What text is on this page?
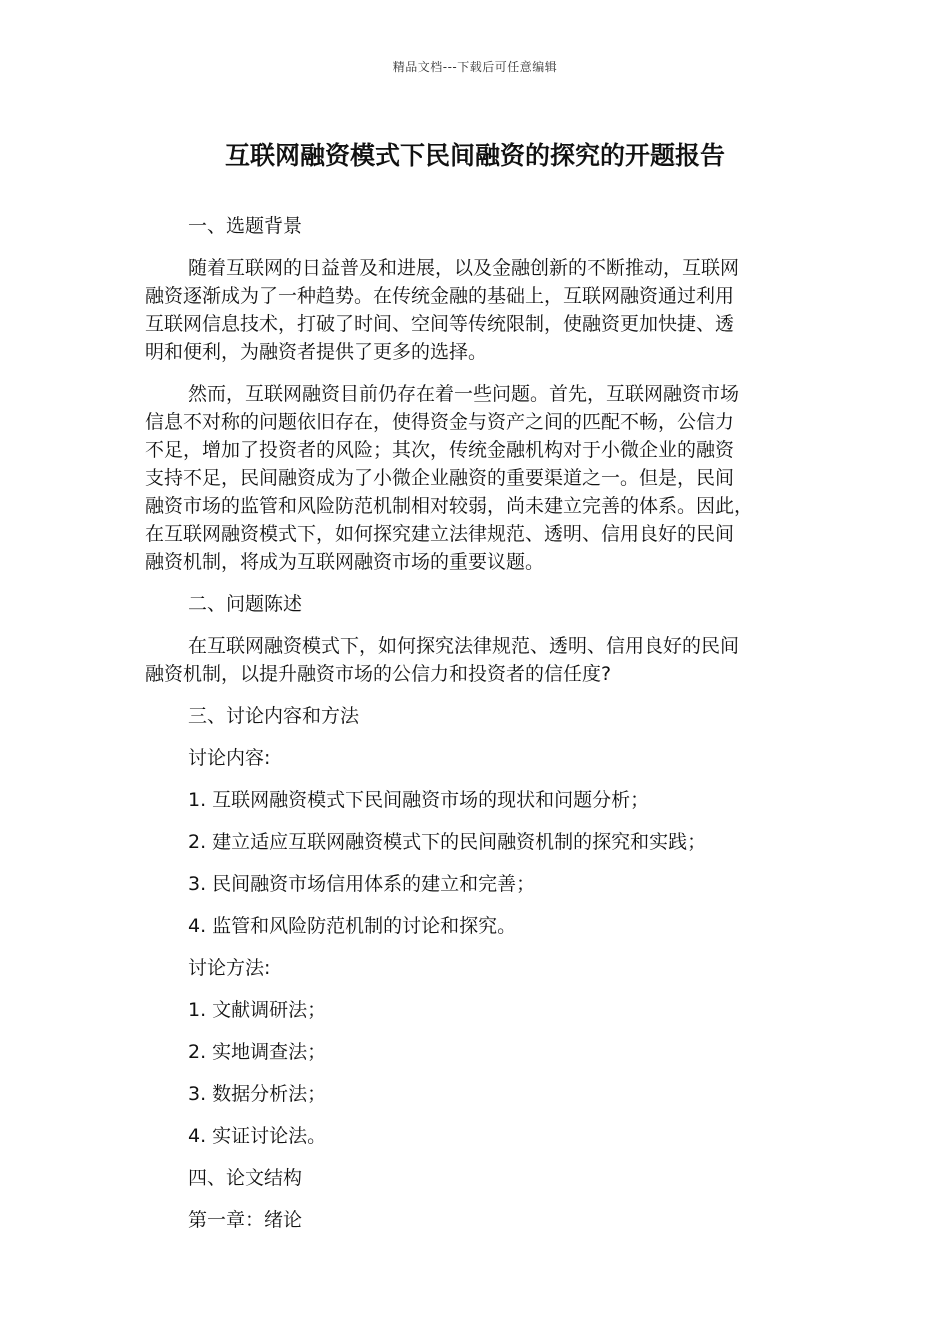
精品文档---下载后可任意编辑
互联网融资模式下民间融资的探究的开题报告

一、选题背景

随着互联网的日益普及和进展，以及金融创新的不断推动，互联网
融资逐渐成为了一种趋势。在传统金融的基础上，互联网融资通过利用
互联网信息技术，打破了时间、空间等传统限制，使融资更加快捷、透
明和便利，为融资者提供了更多的选择。

然而，互联网融资目前仍存在着一些问题。首先，互联网融资市场
信息不对称的问题依旧存在，使得资金与资产之间的匹配不畅，公信力
不足，增加了投资者的风险；其次，传统金融机构对于小微企业的融资
支持不足，民间融资成为了小微企业融资的重要渠道之一。但是，民间
融资市场的监管和风险防范机制相对较弱，尚未建立完善的体系。因此，
在互联网融资模式下，如何探究建立法律规范、透明、信用良好的民间
融资机制，将成为互联网融资市场的重要议题。

二、问题陈述

在互联网融资模式下，如何探究法律规范、透明、信用良好的民间
融资机制，以提升融资市场的公信力和投资者的信任度?

三、讨论内容和方法

讨论内容:

1. 互联网融资模式下民间融资市场的现状和问题分析；

2. 建立适应互联网融资模式下的民间融资机制的探究和实践；

3. 民间融资市场信用体系的建立和完善；

4. 监管和风险防范机制的讨论和探究。

讨论方法:

1. 文献调研法；

2. 实地调查法；

3. 数据分析法；

4. 实证讨论法。

四、论文结构

第一章：绪论
